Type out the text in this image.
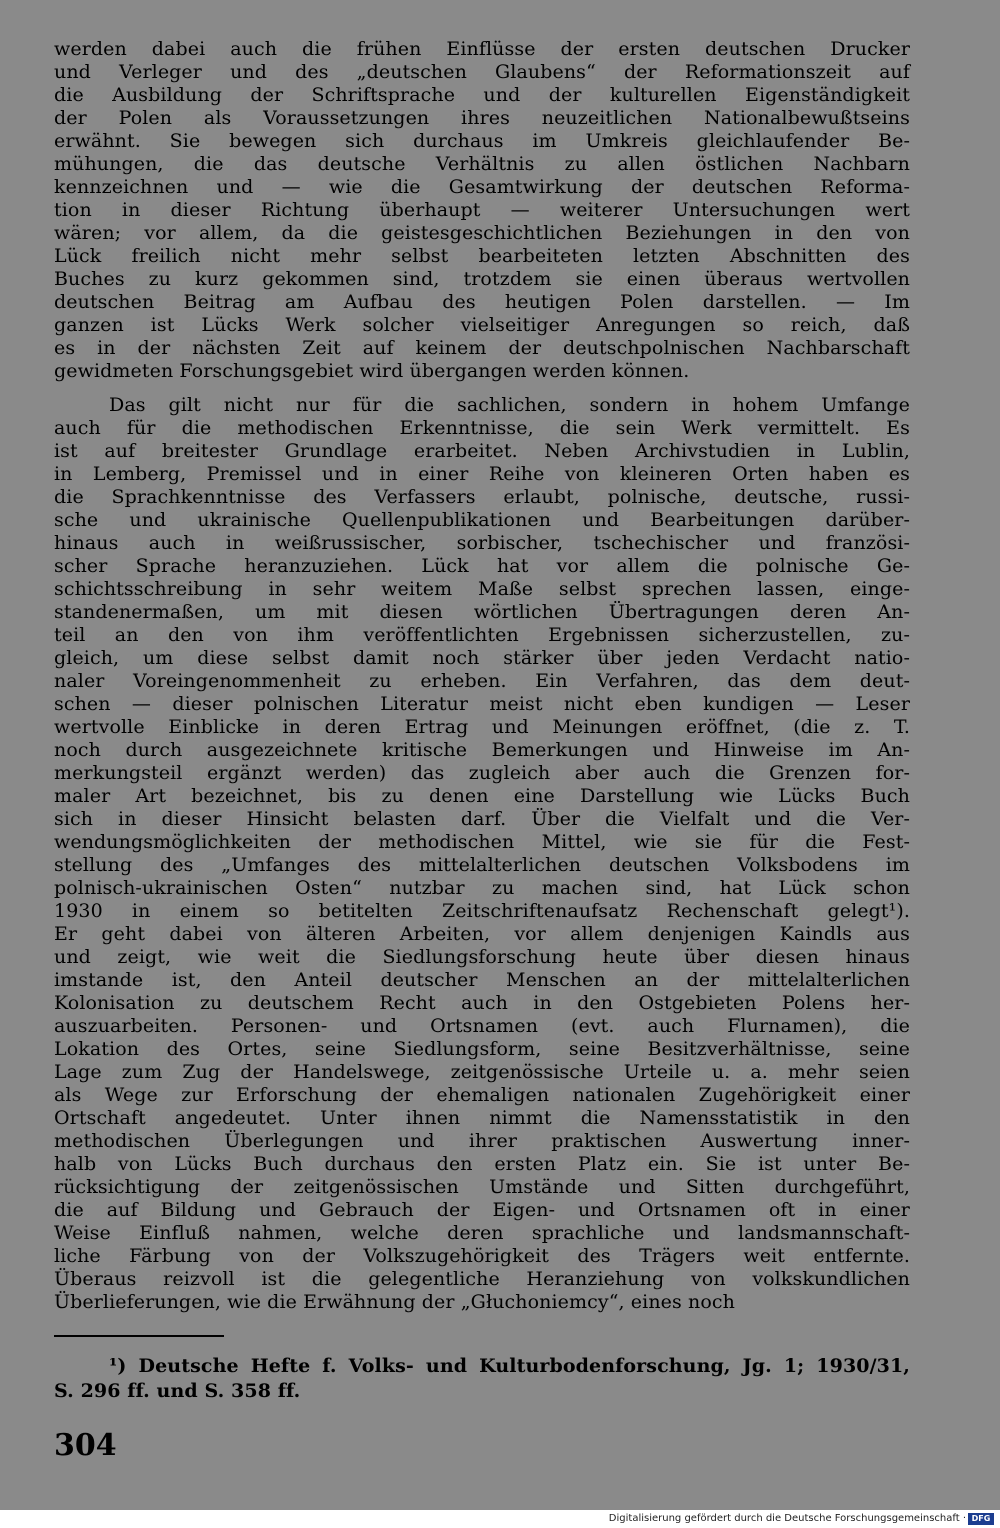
werden dabei auch die frühen Einflüsse der ersten deutschen Drucker
und Verleger und des „deutschen Glaubens“ der Reformationszeit auf
die Ausbildung der Schriftsprache und der kulturellen Eigenständigkeit
der Polen als Voraussetzungen ihres neuzeitlichen Nationalbewußtseins
erwähnt. Sie bewegen sich durchaus im Umkreis gleichlaufender Be-
mühungen, die das deutsche Verhältnis zu allen östlichen Nachbarn
kennzeichnen und — wie die Gesamtwirkung der deutschen Reforma-
tion in dieser Richtung überhaupt — weiterer Untersuchungen wert
wären; vor allem, da die geistesgeschichtlichen Beziehungen in den von
Lück freilich nicht mehr selbst bearbeiteten letzten Abschnitten des
Buches zu kurz gekommen sind, trotzdem sie einen überaus wertvollen
deutschen Beitrag am Aufbau des heutigen Polen darstellen. — Im
ganzen ist Lücks Werk solcher vielseitiger Anregungen so reich, daß
es in der nächsten Zeit auf keinem der deutschpolnischen Nachbarschaft
gewidmeten Forschungsgebiet wird übergangen werden können.
Das gilt nicht nur für die sachlichen, sondern in hohem Umfange
auch für die methodischen Erkenntnisse, die sein Werk vermittelt. Es
ist auf breitester Grundlage erarbeitet. Neben Archivstudien in Lublin,
in Lemberg, Premissel und in einer Reihe von kleineren Orten haben es
die Sprachkenntnisse des Verfassers erlaubt, polnische, deutsche, russi-
sche und ukrainische Quellenpublikationen und Bearbeitungen darüber-
hinaus auch in weißrussischer, sorbischer, tschechischer und französi-
scher Sprache heranzuziehen. Lück hat vor allem die polnische Ge-
schichtsschreibung in sehr weitem Maße selbst sprechen lassen, einge-
standenermaßen, um mit diesen wörtlichen Übertragungen deren An-
teil an den von ihm veröffentlichten Ergebnissen sicherzustellen, zu-
gleich, um diese selbst damit noch stärker über jeden Verdacht natio-
naler Voreingenommenheit zu erheben. Ein Verfahren, das dem deut-
schen — dieser polnischen Literatur meist nicht eben kundigen — Leser
wertvolle Einblicke in deren Ertrag und Meinungen eröffnet, (die z. T.
noch durch ausgezeichnete kritische Bemerkungen und Hinweise im An-
merkungsteil ergänzt werden) das zugleich aber auch die Grenzen for-
maler Art bezeichnet, bis zu denen eine Darstellung wie Lücks Buch
sich in dieser Hinsicht belasten darf. Über die Vielfalt und die Ver-
wendungsmöglichkeiten der methodischen Mittel, wie sie für die Fest-
stellung des „Umfanges des mittelalterlichen deutschen Volksbodens im
polnisch-ukrainischen Osten“ nutzbar zu machen sind, hat Lück schon
1930 in einem so betitelten Zeitschriftenaufsatz Rechenschaft gelegt¹).
Er geht dabei von älteren Arbeiten, vor allem denjenigen Kaindls aus
und zeigt, wie weit die Siedlungsforschung heute über diesen hinaus
imstande ist, den Anteil deutscher Menschen an der mittelalterlichen
Kolonisation zu deutschem Recht auch in den Ostgebieten Polens her-
auszuarbeiten. Personen- und Ortsnamen (evt. auch Flurnamen), die
Lokation des Ortes, seine Siedlungsform, seine Besitzverhältnisse, seine
Lage zum Zug der Handelswege, zeitgenössische Urteile u. a. mehr seien
als Wege zur Erforschung der ehemaligen nationalen Zugehörigkeit einer
Ortschaft angedeutet. Unter ihnen nimmt die Namensstatistik in den
methodischen Überlegungen und ihrer praktischen Auswertung inner-
halb von Lücks Buch durchaus den ersten Platz ein. Sie ist unter Be-
rücksichtigung der zeitgenössischen Umstände und Sitten durchgeführt,
die auf Bildung und Gebrauch der Eigen- und Ortsnamen oft in einer
Weise Einfluß nahmen, welche deren sprachliche und landsmannschaft-
liche Färbung von der Volkszugehörigkeit des Trägers weit entfernte.
Überaus reizvoll ist die gelegentliche Heranziehung von volkskundlichen
Überlieferungen, wie die Erwähnung der „Głuchoniemcy“, eines noch
¹) Deutsche Hefte f. Volks- und Kulturbodenforschung, Jg. 1; 1930/31,
S. 296 ff. und S. 358 ff.
304
Digitalisierung gefördert durch die Deutsche Forschungsgemeinschaft · DFG
